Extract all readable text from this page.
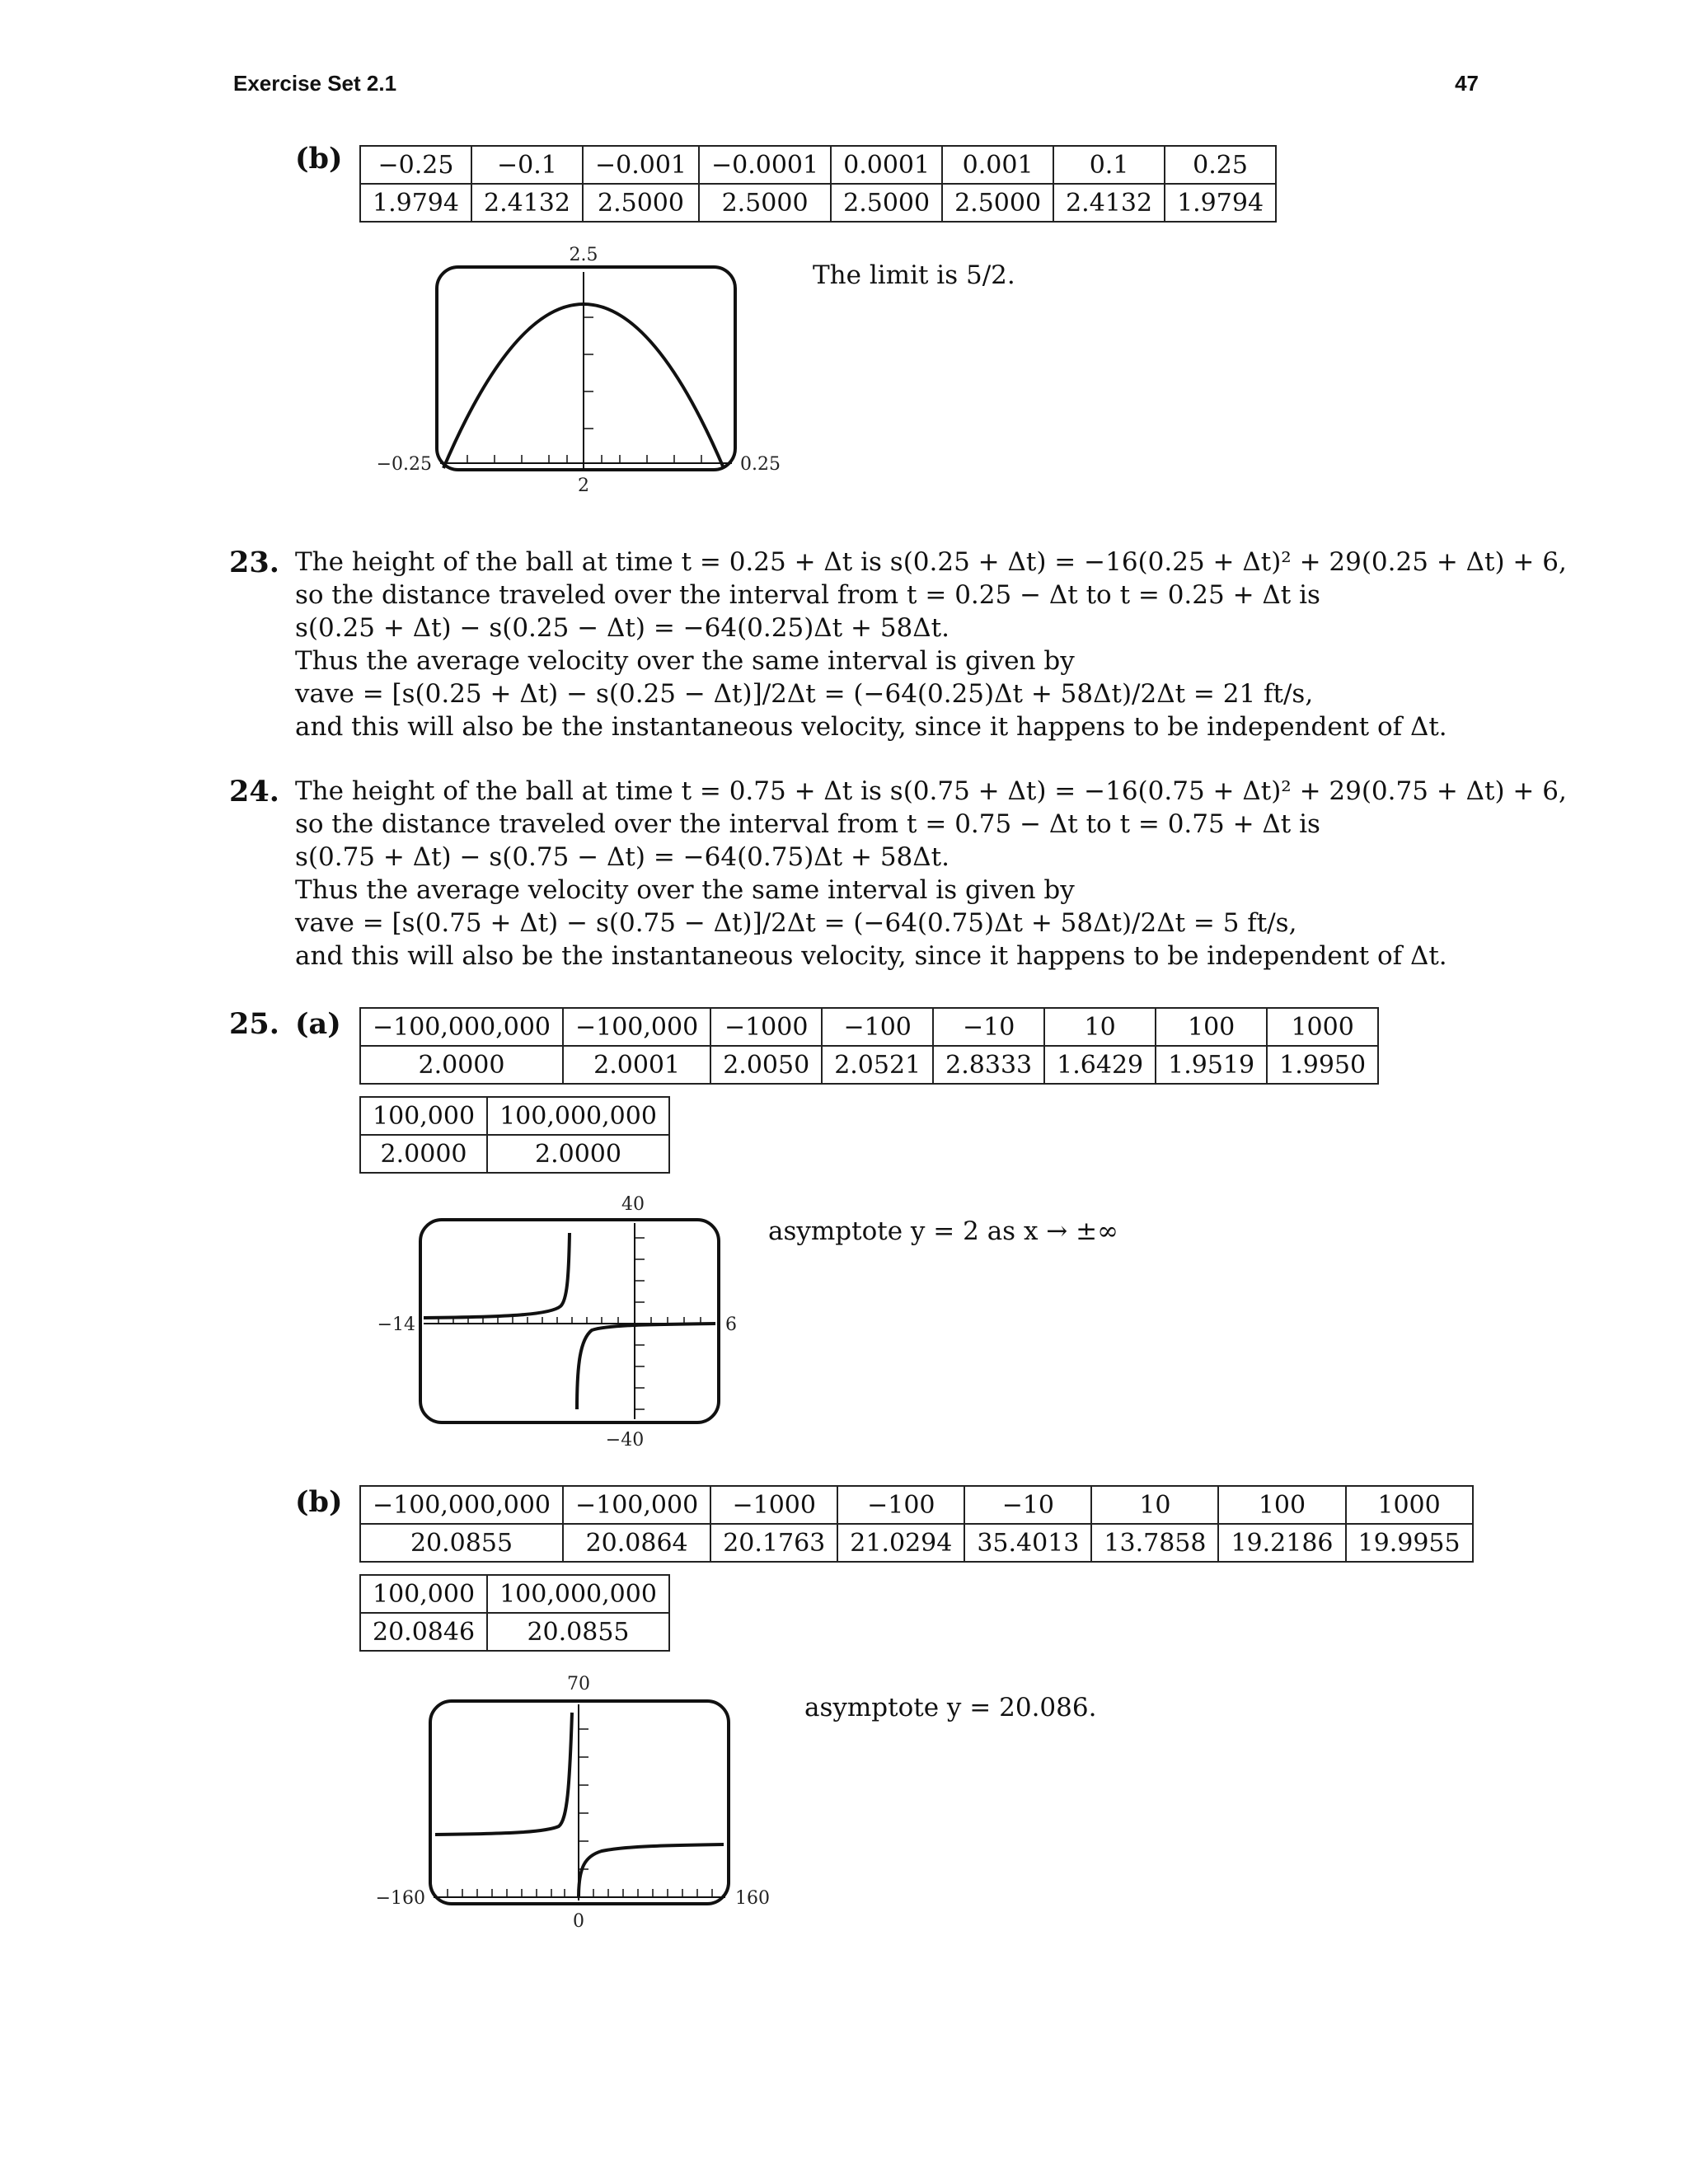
Exercise Set 2.1	47
(b) −0.25	−0.1	−0.001	−0.0001	0.0001	0.001	0.1	0.25
1.9794	2.4132	2.5000	2.5000	2.5000	2.5000	2.4132	1.9794
2.5
−0.25	0.25
2
The limit is 5/2.
23. The height of the ball at time t = 0.25 + Δt is s(0.25 + Δt) = −16(0.25 + Δt)² + 29(0.25 + Δt) + 6,
so the distance traveled over the interval from t = 0.25 − Δt to t = 0.25 + Δt is
s(0.25 + Δt) − s(0.25 − Δt) = −64(0.25)Δt + 58Δt.
Thus the average velocity over the same interval is given by
vave = [s(0.25 + Δt) − s(0.25 − Δt)]/2Δt = (−64(0.25)Δt + 58Δt)/2Δt = 21 ft/s,
and this will also be the instantaneous velocity, since it happens to be independent of Δt.
24. The height of the ball at time t = 0.75 + Δt is s(0.75 + Δt) = −16(0.75 + Δt)² + 29(0.75 + Δt) + 6,
so the distance traveled over the interval from t = 0.75 − Δt to t = 0.75 + Δt is
s(0.75 + Δt) − s(0.75 − Δt) = −64(0.75)Δt + 58Δt.
Thus the average velocity over the same interval is given by
vave = [s(0.75 + Δt) − s(0.75 − Δt)]/2Δt = (−64(0.75)Δt + 58Δt)/2Δt = 5 ft/s,
and this will also be the instantaneous velocity, since it happens to be independent of Δt.
25. (a) −100,000,000	−100,000	−1000	−100	−10	10	100	1000
2.0000	2.0001	2.0050	2.0521	2.8333	1.6429	1.9519	1.9950
100,000	100,000,000
2.0000	2.0000
40
−14	6
−40
asymptote y = 2 as x → ±∞
(b) −100,000,000	−100,000	−1000	−100	−10	10	100	1000
20.0855	20.0864	20.1763	21.0294	35.4013	13.7858	19.2186	19.9955
100,000	100,000,000
20.0846	20.0855
70
−160	160
0
asymptote y = 20.086.
